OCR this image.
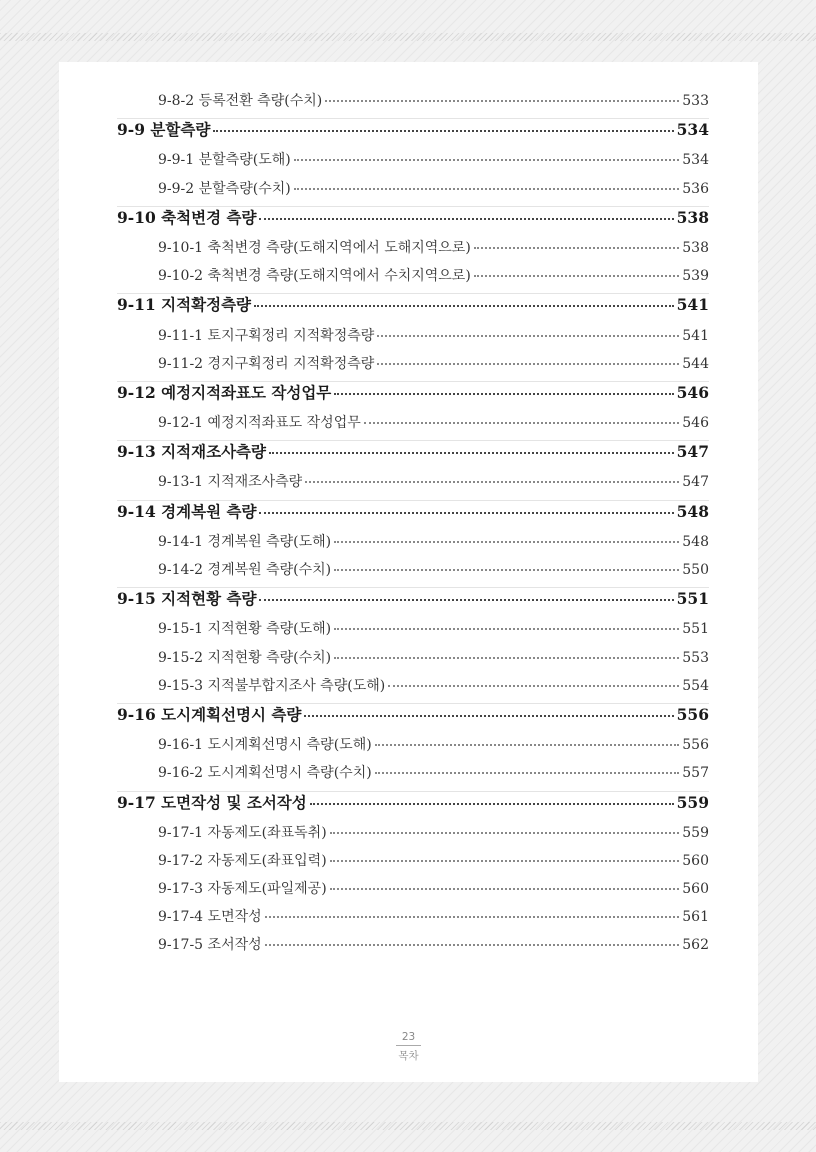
9-8-2 등록전환 측량(수치)	533
9-9 분할측량	534
9-9-1 분할측량(도해)	534
9-9-2 분할측량(수치)	536
9-10 축척변경 측량	538
9-10-1 축척변경 측량(도해지역에서 도해지역으로)	538
9-10-2 축척변경 측량(도해지역에서 수치지역으로)	539
9-11 지적확정측량	541
9-11-1 토지구획정리 지적확정측량	541
9-11-2 경지구획정리 지적확정측량	544
9-12 예정지적좌표도 작성업무	546
9-12-1 예정지적좌표도 작성업무	546
9-13 지적재조사측량	547
9-13-1 지적재조사측량	547
9-14 경계복원 측량	548
9-14-1 경계복원 측량(도해)	548
9-14-2 경계복원 측량(수치)	550
9-15 지적현황 측량	551
9-15-1 지적현황 측량(도해)	551
9-15-2 지적현황 측량(수치)	553
9-15-3 지적불부합지조사 측량(도해)	554
9-16 도시계획선명시 측량	556
9-16-1 도시계획선명시 측량(도해)	556
9-16-2 도시계획선명시 측량(수치)	557
9-17 도면작성 및 조서작성	559
9-17-1 자동제도(좌표독취)	559
9-17-2 자동제도(좌표입력)	560
9-17-3 자동제도(파일제공)	560
9-17-4 도면작성	561
9-17-5 조서작성	562
23
목차
